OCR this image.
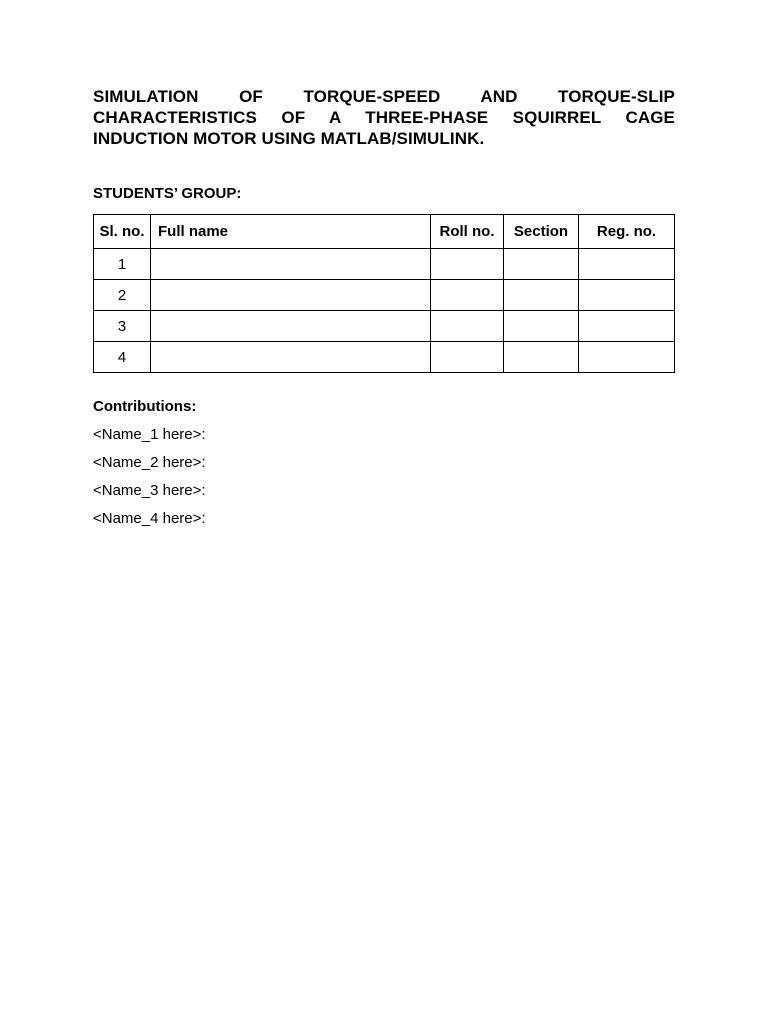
SIMULATION OF TORQUE-SPEED AND TORQUE-SLIP CHARACTERISTICS OF A THREE-PHASE SQUIRREL CAGE INDUCTION MOTOR USING MATLAB/SIMULINK.

STUDENTS’ GROUP:

Sl. no.	Full name	Roll no.	Section	Reg. no.
1				
2				
3				
4				

Contributions:

<Name_1 here>:

<Name_2 here>:

<Name_3 here>:

<Name_4 here>:
